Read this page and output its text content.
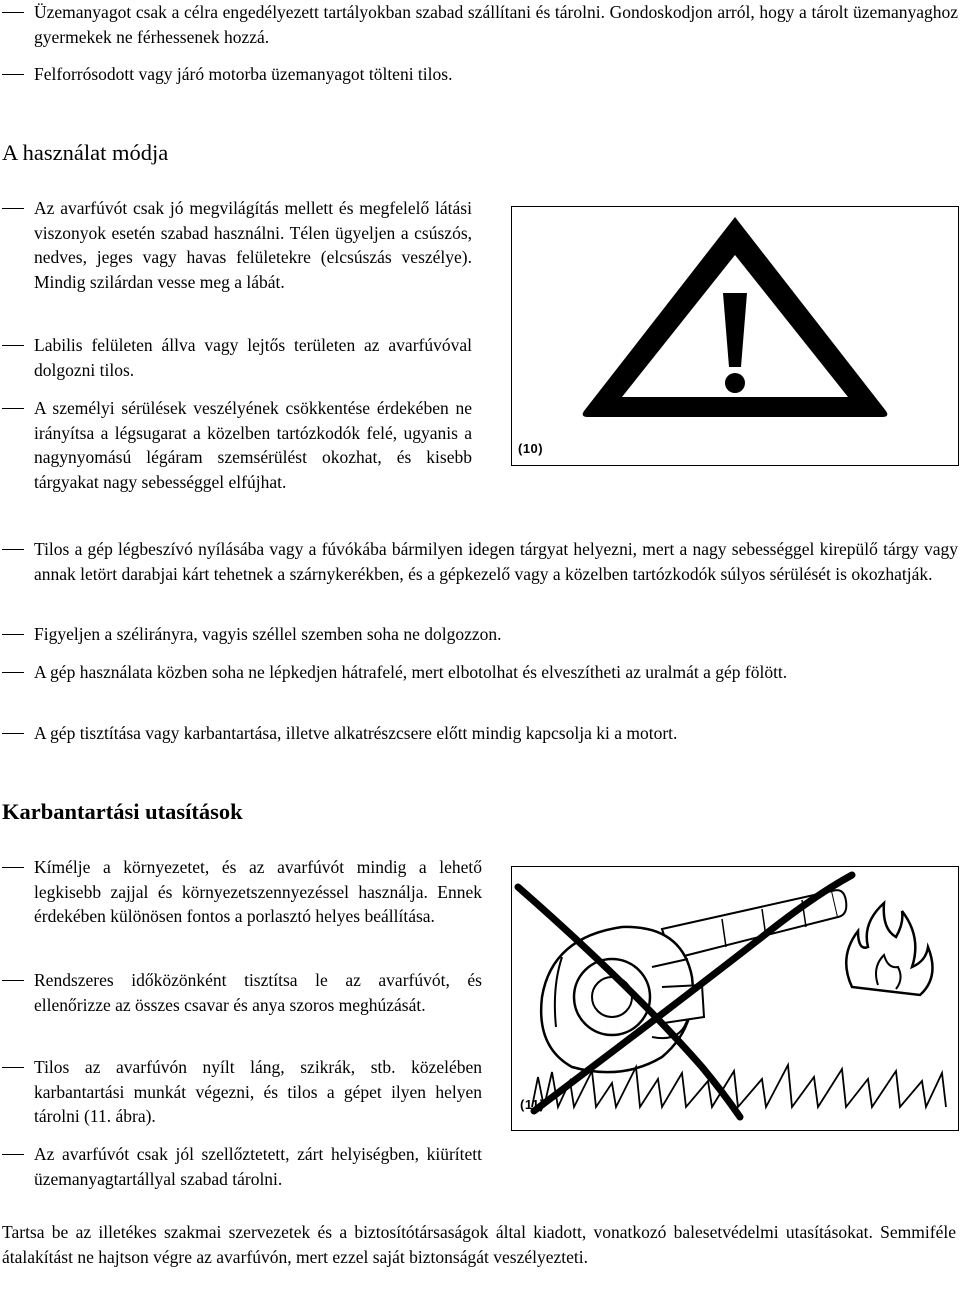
Üzemanyagot csak a célra engedélyezett tartályokban szabad szállítani és tárolni. Gondoskodjon arról, hogy a tárolt üzemanyaghoz gyermekek ne férhessenek hozzá.
Felforrósodott vagy járó motorba üzemanyagot tölteni tilos.
A használat módja
Az avarfúvót csak jó megvilágítás mellett és megfelelő látási viszonyok esetén szabad használni. Télen ügyeljen a csúszós, nedves, jeges vagy havas felületekre (elcsúszás veszélye). Mindig szilárdan vesse meg a lábát.
Labilis felületen állva vagy lejtős területen az avarfúvóval dolgozni tilos.
A személyi sérülések veszélyének csökkentése érdekében ne irányítsa a légsugarat a közelben tartózkodók felé, ugyanis a nagynyomású légáram szemsérülést okozhat, és kisebb tárgyakat nagy sebességgel elfújhat.
(10)
Tilos a gép légbeszívó nyílásába vagy a fúvókába bármilyen idegen tárgyat helyezni, mert a nagy sebességgel kirepülő tárgy vagy annak letört darabjai kárt tehetnek a szárnykerékben, és a gépkezelő vagy a közelben tartózkodók súlyos sérülését is okozhatják.
Figyeljen a szélirányra, vagyis széllel szemben soha ne dolgozzon.
A gép használata közben soha ne lépkedjen hátrafelé, mert elbotolhat és elveszítheti az uralmát a gép fölött.
A gép tisztítása vagy karbantartása, illetve alkatrészcsere előtt mindig kapcsolja ki a motort.
Karbantartási utasítások
Kímélje a környezetet, és az avarfúvót mindig a lehető legkisebb zajjal és környezetszennyezéssel használja. Ennek érdekében különösen fontos a porlasztó helyes beállítása.
Rendszeres időközönként tisztítsa le az avarfúvót, és ellenőrizze az összes csavar és anya szoros meghúzását.
Tilos az avarfúvón nyílt láng, szikrák, stb. közelében karbantartási munkát végezni, és tilos a gépet ilyen helyen tárolni (11. ábra).
Az avarfúvót csak jól szellőztetett, zárt helyiségben, kiürített üzemanyagtartállyal szabad tárolni.
(11)
Tartsa be az illetékes szakmai szervezetek és a biztosítótársaságok által kiadott, vonatkozó balesetvédelmi utasításokat. Semmiféle átalakítást ne hajtson végre az avarfúvón, mert ezzel saját biztonságát veszélyezteti.
